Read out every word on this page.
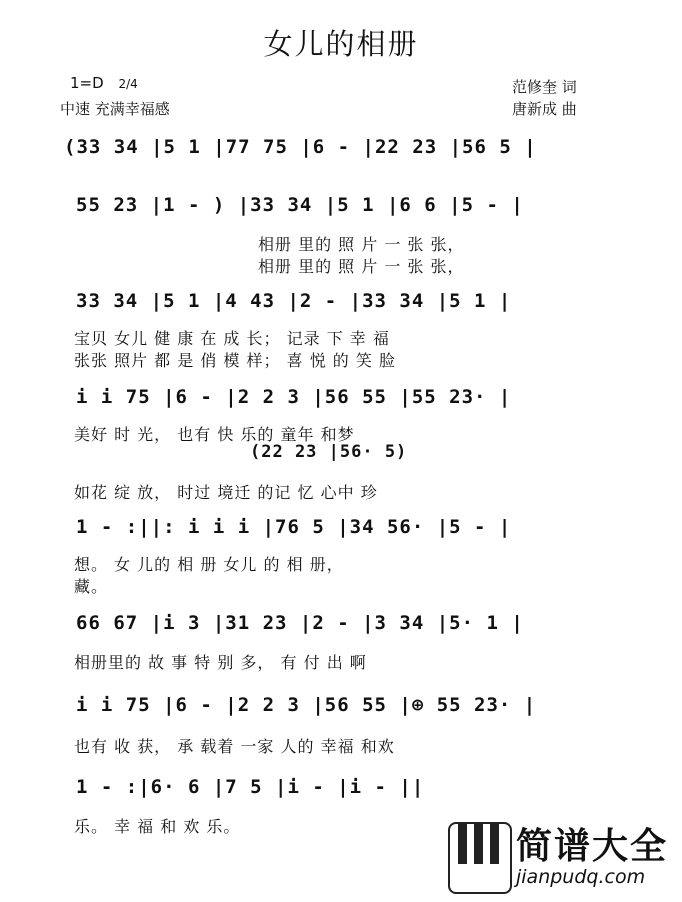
女儿的相册
1=D 2/4
中速 充满幸福感
范修奎 词
唐新成 曲
(33 34 |5 1 |77 75 |6 - |22 23 |56 5 |
55 23 |1 - ) |33 34 |5 1 |6 6 |5 - |
相册 里的 照 片 一 张 张，
相册 里的 照 片 一 张 张，
33 34 |5 1 |4 43 |2 - |33 34 |5 1 |
宝贝 女儿 健 康 在 成 长； 记录 下 幸 福
张张 照片 都 是 俏 模 样； 喜 悦 的 笑 脸
i i 75 |6 - |2 2 3 |56 55 |55 23· |
美好 时 光， 也有 快 乐的 童年 和梦
(22 23 |56· 5)
如花 绽 放， 时过 境迁 的记 忆 心中 珍
1 - :||: i i i |76 5 |34 56· |5 - |
想。 女 儿的 相 册 女儿 的 相 册，
藏。
66 67 |i 3 |31 23 |2 - |3 34 |5· 1 |
相册里的 故 事 特 别 多， 有 付 出 啊
i i 75 |6 - |2 2 3 |56 55 |⊕ 55 23· |
也有 收 获， 承 载着 一家 人的 幸福 和欢
1 - :|6· 6 |7 5 |i - |i - ||
乐。 幸 福 和 欢 乐。	简谱大全
jianpudq.com
